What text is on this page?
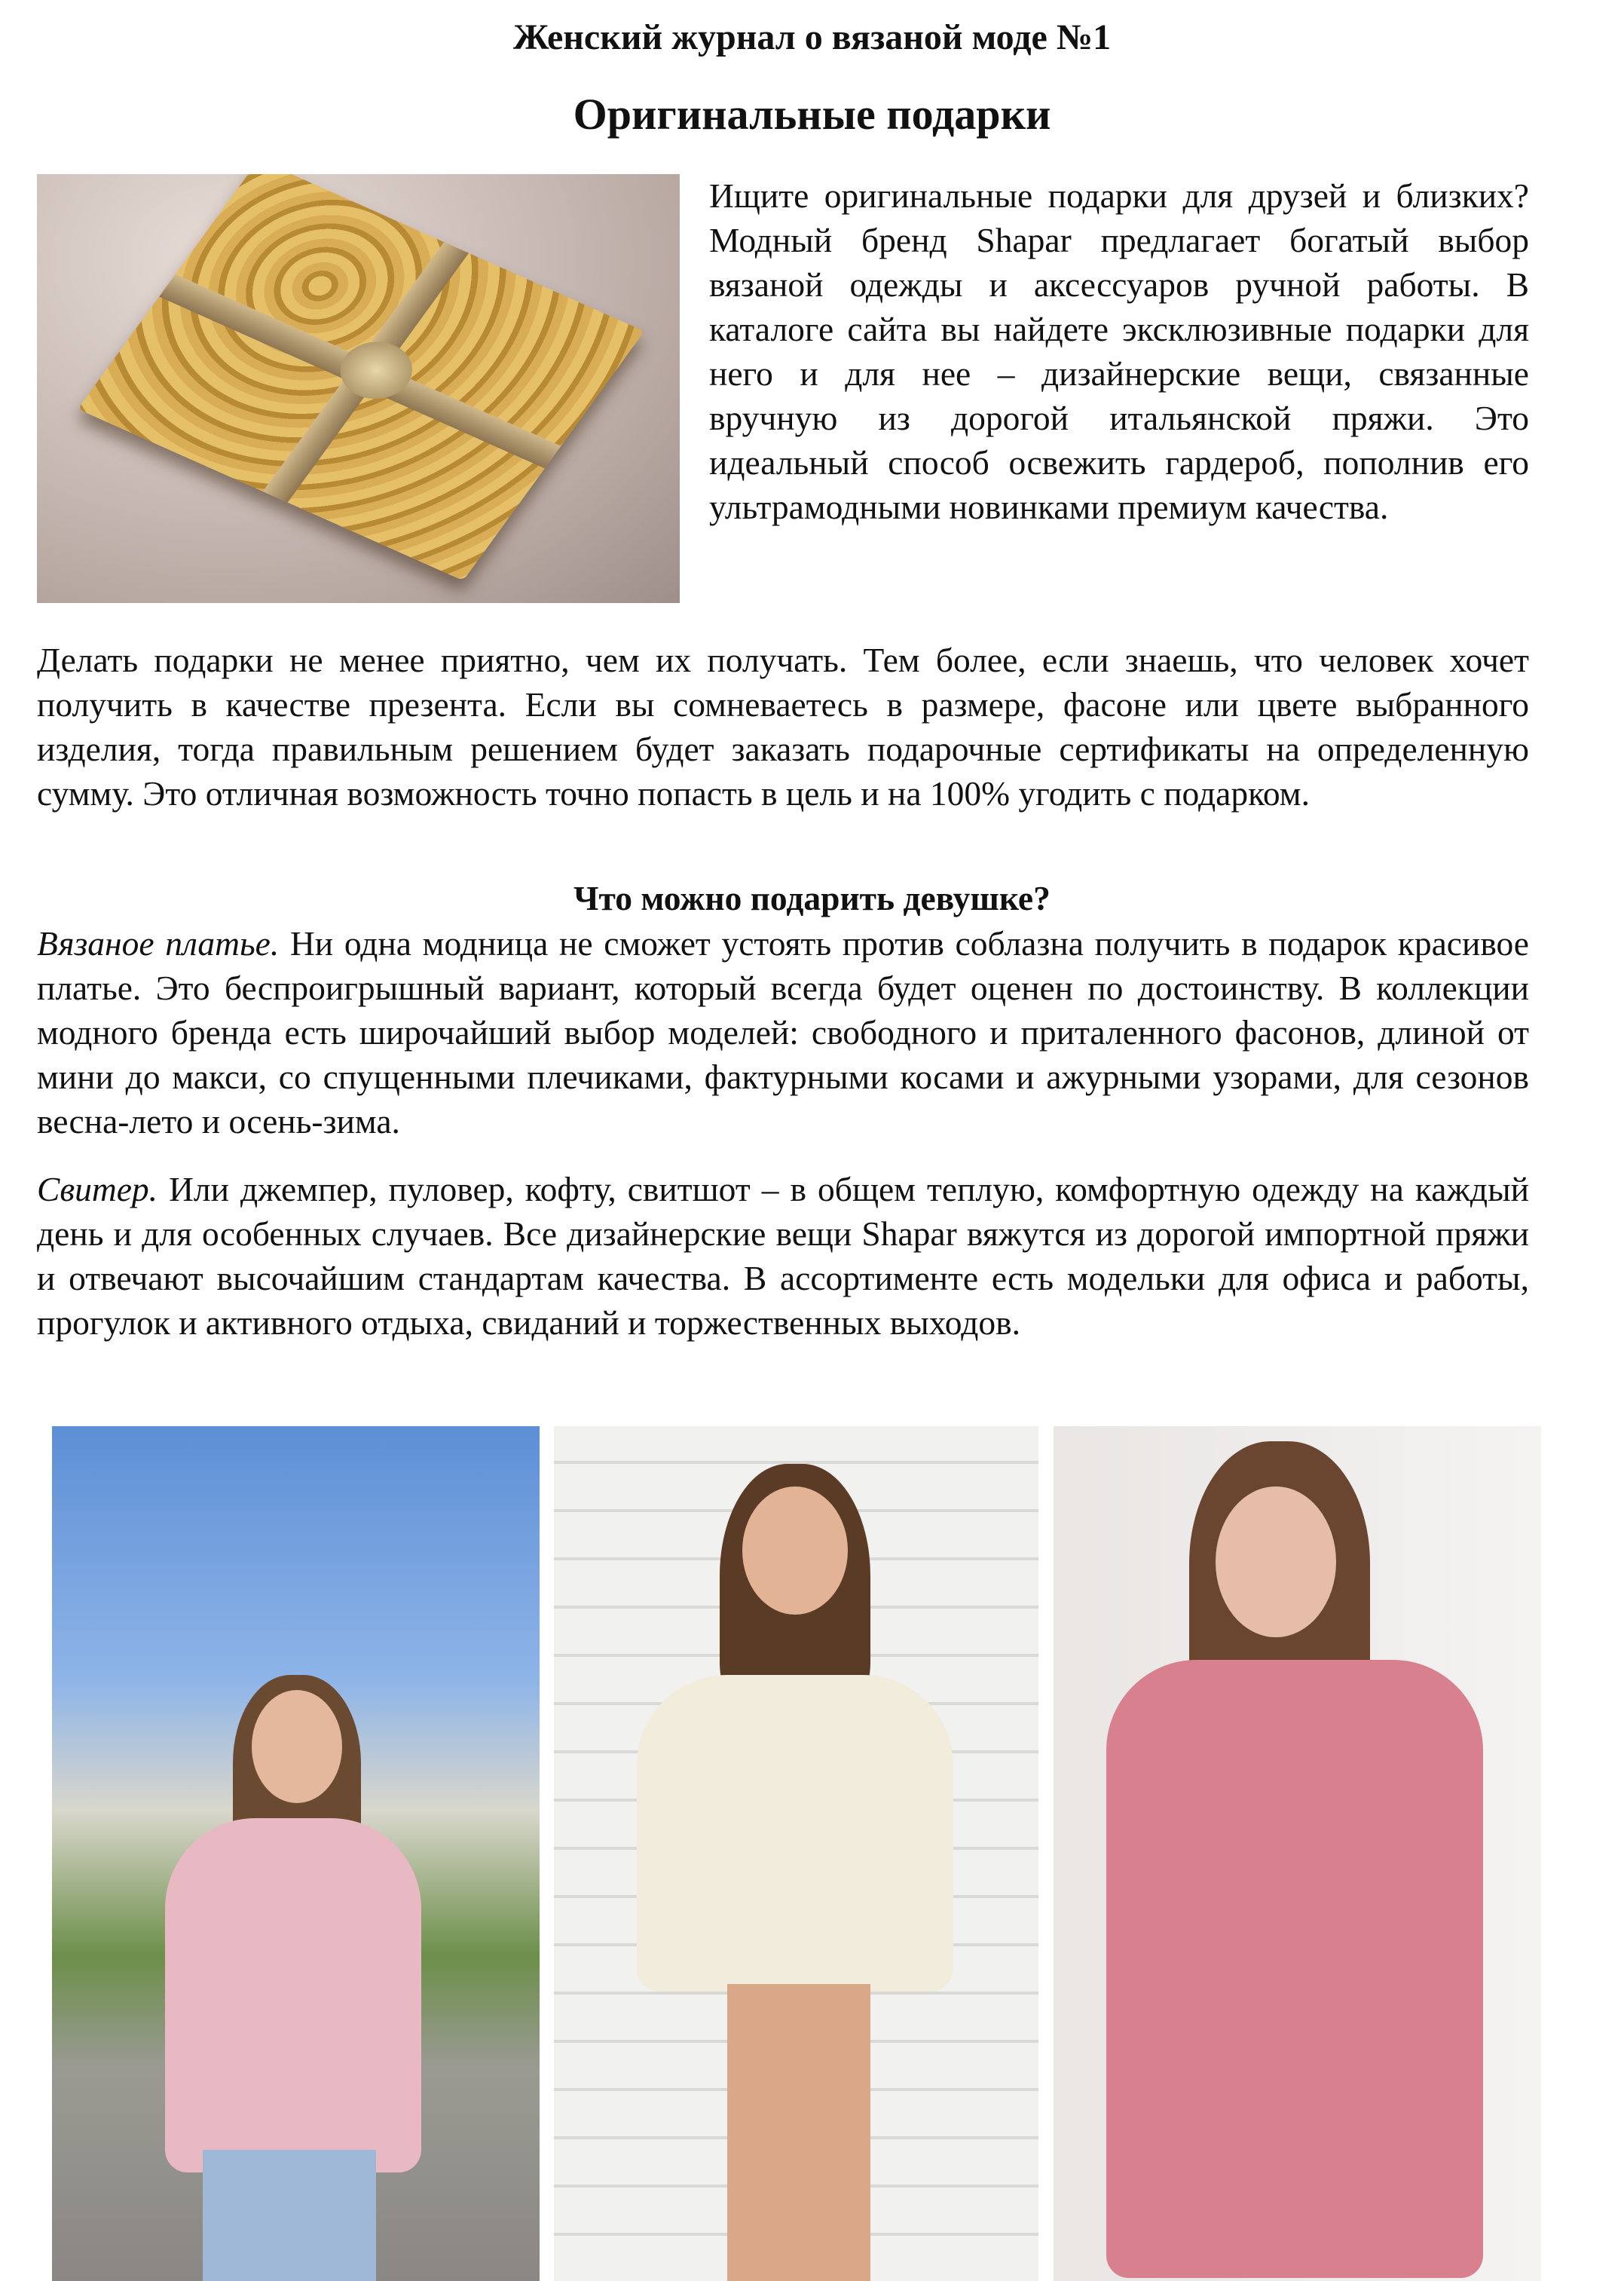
Женский журнал о вязаной моде №1
Оригинальные подарки

Ищите оригинальные подарки для друзей и близких? Модный бренд Shapar предлагает богатый выбор вязаной одежды и аксессуаров ручной работы. В каталоге сайта вы найдете эксклюзивные подарки для него и для нее – дизайнерские вещи, связанные вручную из дорогой итальянской пряжи. Это идеальный способ освежить гардероб, пополнив его ультрамодными новинками премиум качества.

Делать подарки не менее приятно, чем их получать. Тем более, если знаешь, что человек хочет получить в качестве презента. Если вы сомневаетесь в размере, фасоне или цвете выбранного изделия, тогда правильным решением будет заказать подарочные сертификаты на определенную сумму. Это отличная возможность точно попасть в цель и на 100% угодить с подарком.

Что можно подарить девушке?

Вязаное платье. Ни одна модница не сможет устоять против соблазна получить в подарок красивое платье. Это беспроигрышный вариант, который всегда будет оценен по достоинству. В коллекции модного бренда есть широчайший выбор моделей: свободного и приталенного фасонов, длиной от мини до макси, со спущенными плечиками, фактурными косами и ажурными узорами, для сезонов весна-лето и осень-зима.

Свитер. Или джемпер, пуловер, кофту, свитшот – в общем теплую, комфортную одежду на каждый день и для особенных случаев. Все дизайнерские вещи Shapar вяжутся из дорогой импортной пряжи и отвечают высочайшим стандартам качества. В ассортименте есть модельки для офиса и работы, прогулок и активного отдыха, свиданий и торжественных выходов.
